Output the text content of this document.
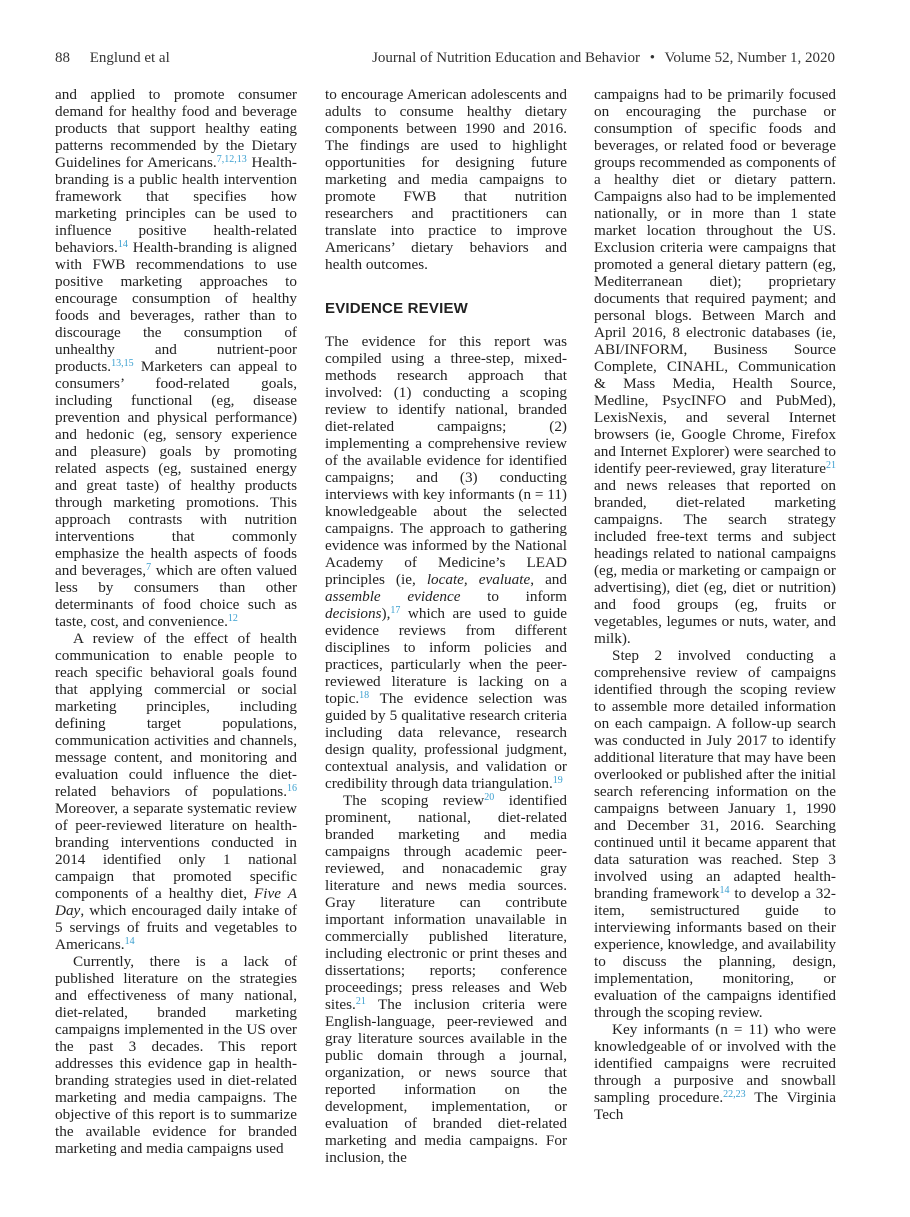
88 Englund et al	Journal of Nutrition Education and Behavior • Volume 52, Number 1, 2020

and applied to promote consumer demand for healthy food and beverage products that support healthy eating patterns recommended by the Dietary Guidelines for Americans.$^{7,12,13}$ Health-branding is a public health intervention framework that specifies how marketing principles can be used to influence positive health-related behaviors.$^{14}$ Health-branding is aligned with FWB recommendations to use positive marketing approaches to encourage consumption of healthy foods and beverages, rather than to discourage the consumption of unhealthy and nutrient-poor products.$^{13,15}$ Marketers can appeal to consumers’ food-related goals, including functional (eg, disease prevention and physical performance) and hedonic (eg, sensory experience and pleasure) goals by promoting related aspects (eg, sustained energy and great taste) of healthy products through marketing promotions. This approach contrasts with nutrition interventions that commonly emphasize the health aspects of foods and beverages,$^7$ which are often valued less by consumers than other determinants of food choice such as taste, cost, and convenience.$^{12}$

A review of the effect of health communication to enable people to reach specific behavioral goals found that applying commercial or social marketing principles, including defining target populations, communication activities and channels, message content, and monitoring and evaluation could influence the diet-related behaviors of populations.$^{16}$ Moreover, a separate systematic review of peer-reviewed literature on health-branding interventions conducted in 2014 identified only 1 national campaign that promoted specific components of a healthy diet, Five A Day, which encouraged daily intake of 5 servings of fruits and vegetables to Americans.$^{14}$

Currently, there is a lack of published literature on the strategies and effectiveness of many national, diet-related, branded marketing campaigns implemented in the US over the past 3 decades. This report addresses this evidence gap in health-branding strategies used in diet-related marketing and media campaigns. The objective of this report is to summarize the available evidence for branded marketing and media campaigns used

to encourage American adolescents and adults to consume healthy dietary components between 1990 and 2016. The findings are used to highlight opportunities for designing future marketing and media campaigns to promote FWB that nutrition researchers and practitioners can translate into practice to improve Americans’ dietary behaviors and health outcomes.

EVIDENCE REVIEW

The evidence for this report was compiled using a three-step, mixed-methods research approach that involved: (1) conducting a scoping review to identify national, branded diet-related campaigns; (2) implementing a comprehensive review of the available evidence for identified campaigns; and (3) conducting interviews with key informants (n = 11) knowledgeable about the selected campaigns. The approach to gathering evidence was informed by the National Academy of Medicine’s LEAD principles (ie, locate, evaluate, and assemble evidence to inform decisions),$^{17}$ which are used to guide evidence reviews from different disciplines to inform policies and practices, particularly when the peer-reviewed literature is lacking on a topic.$^{18}$ The evidence selection was guided by 5 qualitative research criteria including data relevance, research design quality, professional judgment, contextual analysis, and validation or credibility through data triangulation.$^{19}$

The scoping review$^{20}$ identified prominent, national, diet-related branded marketing and media campaigns through academic peer-reviewed, and nonacademic gray literature and news media sources. Gray literature can contribute important information unavailable in commercially published literature, including electronic or print theses and dissertations; reports; conference proceedings; press releases and Web sites.$^{21}$ The inclusion criteria were English-language, peer-reviewed and gray literature sources available in the public domain through a journal, organization, or news source that reported information on the development, implementation, or evaluation of branded diet-related marketing and media campaigns. For inclusion, the

campaigns had to be primarily focused on encouraging the purchase or consumption of specific foods and beverages, or related food or beverage groups recommended as components of a healthy diet or dietary pattern. Campaigns also had to be implemented nationally, or in more than 1 state market location throughout the US. Exclusion criteria were campaigns that promoted a general dietary pattern (eg, Mediterranean diet); proprietary documents that required payment; and personal blogs. Between March and April 2016, 8 electronic databases (ie, ABI/INFORM, Business Source Complete, CINAHL, Communication & Mass Media, Health Source, Medline, PsycINFO and PubMed), LexisNexis, and several Internet browsers (ie, Google Chrome, Firefox and Internet Explorer) were searched to identify peer-reviewed, gray literature$^{21}$ and news releases that reported on branded, diet-related marketing campaigns. The search strategy included free-text terms and subject headings related to national campaigns (eg, media or marketing or campaign or advertising), diet (eg, diet or nutrition) and food groups (eg, fruits or vegetables, legumes or nuts, water, and milk).

Step 2 involved conducting a comprehensive review of campaigns identified through the scoping review to assemble more detailed information on each campaign. A follow-up search was conducted in July 2017 to identify additional literature that may have been overlooked or published after the initial search referencing information on the campaigns between January 1, 1990 and December 31, 2016. Searching continued until it became apparent that data saturation was reached. Step 3 involved using an adapted health-branding framework$^{14}$ to develop a 32-item, semistructured guide to interviewing informants based on their experience, knowledge, and availability to discuss the planning, design, implementation, monitoring, or evaluation of the campaigns identified through the scoping review.

Key informants (n = 11) who were knowledgeable of or involved with the identified campaigns were recruited through a purposive and snowball sampling procedure.$^{22,23}$ The Virginia Tech
